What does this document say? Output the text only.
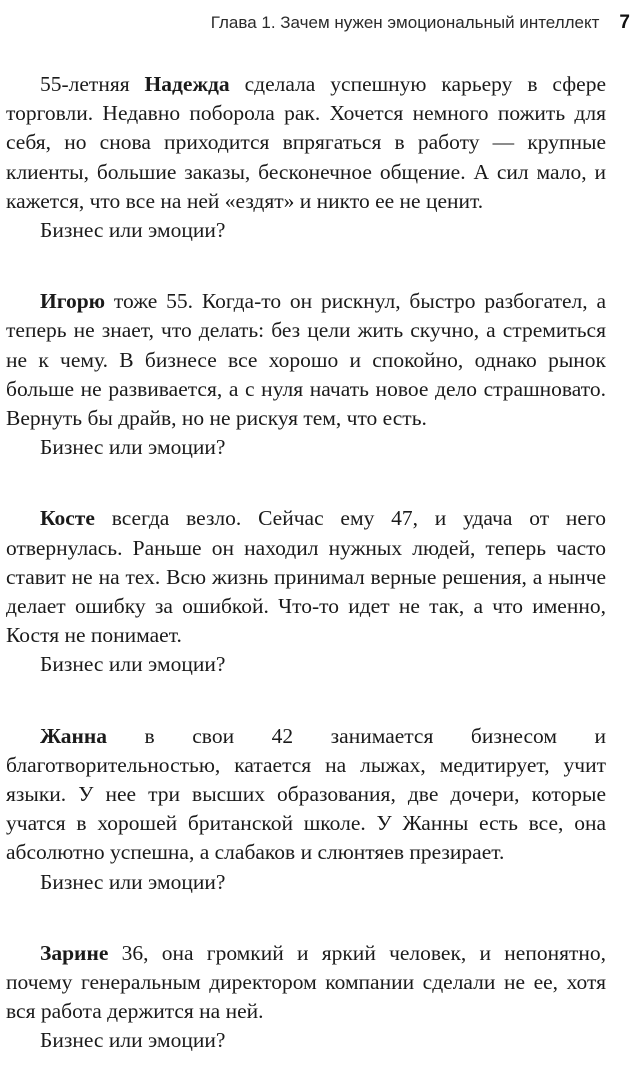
Глава 1. Зачем нужен эмоциональный интеллект 7

55-летняя Надежда сделала успешную карьеру в сфере торговли. Недавно поборола рак. Хочется немного пожить для себя, но снова приходится впрягаться в работу — крупные клиенты, большие заказы, бесконечное общение. А сил мало, и кажется, что все на ней «ездят» и никто ее не ценит.

Бизнес или эмоции?

Игорю тоже 55. Когда-то он рискнул, быстро разбогател, а теперь не знает, что делать: без цели жить скучно, а стремиться не к чему. В бизнесе все хорошо и спокойно, однако рынок больше не развивается, а с нуля начать новое дело страшновато. Вернуть бы драйв, но не рискуя тем, что есть.

Бизнес или эмоции?

Косте всегда везло. Сейчас ему 47, и удача от него отвернулась. Раньше он находил нужных людей, теперь часто ставит не на тех. Всю жизнь принимал верные решения, а нынче делает ошибку за ошибкой. Что-то идет не так, а что именно, Костя не понимает.

Бизнес или эмоции?

Жанна в свои 42 занимается бизнесом и благотворительностью, катается на лыжах, медитирует, учит языки. У нее три высших образования, две дочери, которые учатся в хорошей британской школе. У Жанны есть все, она абсолютно успешна, а слабаков и слюнтяев презирает.

Бизнес или эмоции?

Зарине 36, она громкий и яркий человек, и непонятно, почему генеральным директором компании сделали не ее, хотя вся работа держится на ней.

Бизнес или эмоции?
